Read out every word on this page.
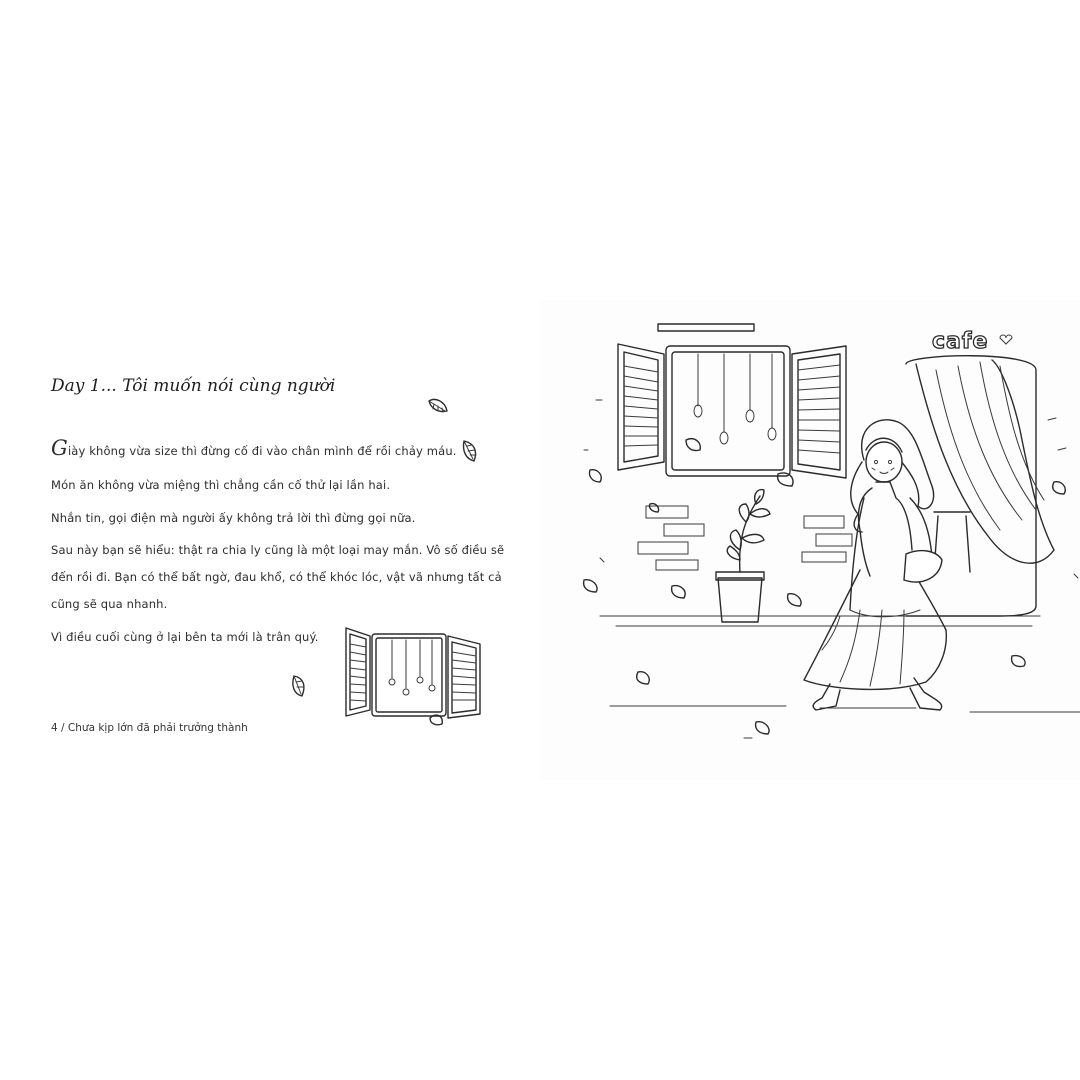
Day 1... Tôi muốn nói cùng người

Giày không vừa size thì đừng cố đi vào chân mình để rồi chảy máu.

Món ăn không vừa miệng thì chẳng cần cố thử lại lần hai.

Nhắn tin, gọi điện mà người ấy không trả lời thì đừng gọi nữa.

Sau này bạn sẽ hiểu: thật ra chia ly cũng là một loại may mắn. Vô số điều sẽ đến rồi đi. Bạn có thể bất ngờ, đau khổ, có thể khóc lóc, vật vã nhưng tất cả cũng sẽ qua nhanh.

Vì điều cuối cùng ở lại bên ta mới là trân quý.

4 / Chưa kịp lớn đã phải trưởng thành
cafe
